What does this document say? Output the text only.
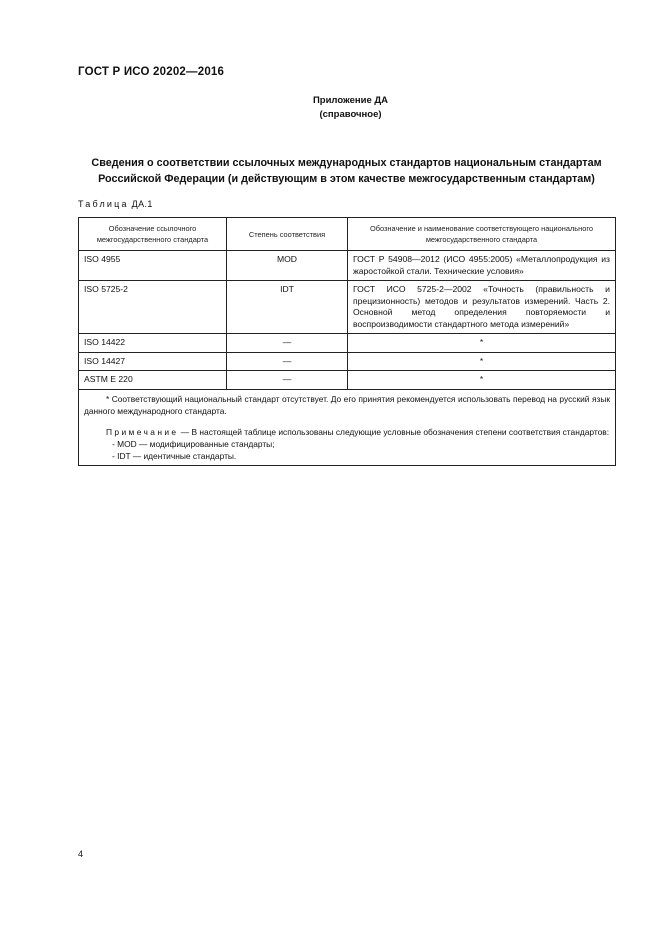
ГОСТ Р ИСО 20202—2016
Приложение ДА
(справочное)
Сведения о соответствии ссылочных международных стандартов национальным стандартам
Российской Федерации (и действующим в этом качестве межгосударственным стандартам)
Таблица ДА.1
Обозначение ссылочного межгосударственного стандарта	Степень соответствия	Обозначение и наименование соответствующего национального межгосударственного стандарта
ISO 4955	MOD	ГОСТ Р 54908—2012 (ИСО 4955:2005) «Металлопродукция из жаростойкой стали. Технические условия»
ISO 5725-2	IDT	ГОСТ ИСО 5725-2—2002 «Точность (правильность и прецизионность) методов и результатов измерений. Часть 2. Основной метод определения повторяемости и воспроизводимости стандартного метода измерений»
ISO 14422	—	*
ISO 14427	—	*
ASTM E 220	—	*

* Соответствующий национальный стандарт отсутствует. До его принятия рекомендуется использовать перевод на русский язык данного международного стандарта.

Примечание — В настоящей таблице использованы следующие условные обозначения степени соответствия стандартов:

- MOD — модифицированные стандарты;

- IDT — идентичные стандарты.		

4
